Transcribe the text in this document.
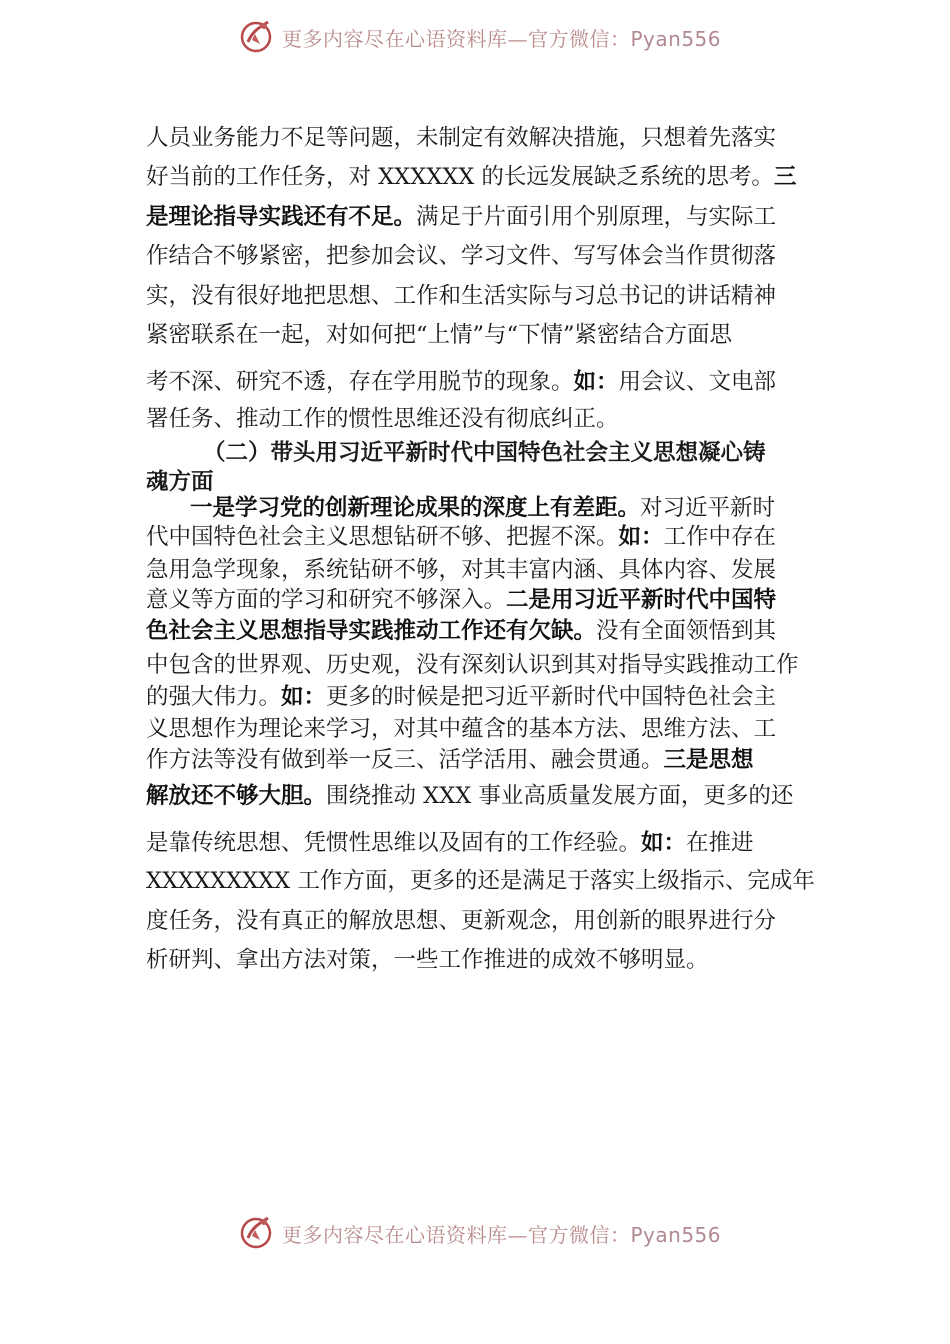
更多内容尽在心语资料库—官方微信：Pyan556
人员业务能力不足等问题，未制定有效解决措施，只想着先落实
好当前的工作任务，对 XXXXXX 的长远发展缺乏系统的思考。三
是理论指导实践还有不足。满足于片面引用个别原理，与实际工
作结合不够紧密，把参加会议、学习文件、写写体会当作贯彻落
实，没有很好地把思想、工作和生活实际与习总书记的讲话精神
紧密联系在一起，对如何把“上情”与“下情”紧密结合方面思
考不深、研究不透，存在学用脱节的现象。如：用会议、文电部
署任务、推动工作的惯性思维还没有彻底纠正。
（二）带头用习近平新时代中国特色社会主义思想凝心铸
魂方面
一是学习党的创新理论成果的深度上有差距。对习近平新时
代中国特色社会主义思想钻研不够、把握不深。如：工作中存在
急用急学现象，系统钻研不够，对其丰富内涵、具体内容、发展
意义等方面的学习和研究不够深入。二是用习近平新时代中国特
色社会主义思想指导实践推动工作还有欠缺。没有全面领悟到其
中包含的世界观、历史观，没有深刻认识到其对指导实践推动工作
的强大伟力。如：更多的时候是把习近平新时代中国特色社会主
义思想作为理论来学习，对其中蕴含的基本方法、思维方法、工
作方法等没有做到举一反三、活学活用、融会贯通。三是思想
解放还不够大胆。围绕推动 XXX 事业高质量发展方面，更多的还
是靠传统思想、凭惯性思维以及固有的工作经验。如：在推进
XXXXXXXXX 工作方面，更多的还是满足于落实上级指示、完成年
度任务，没有真正的解放思想、更新观念，用创新的眼界进行分
析研判、拿出方法对策，一些工作推进的成效不够明显。
更多内容尽在心语资料库—官方微信：Pyan556
